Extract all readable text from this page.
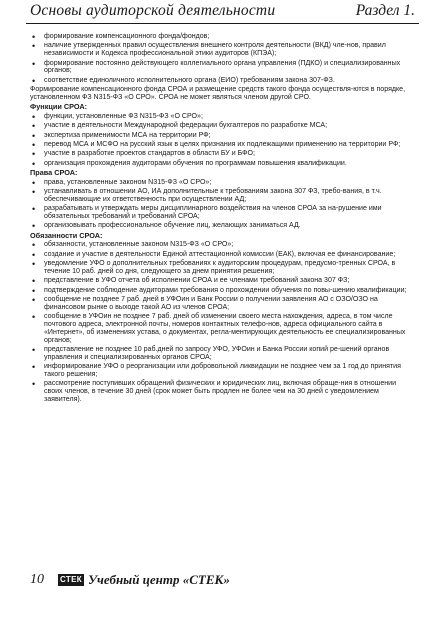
Основы аудиторской деятельности	Раздел 1.
• формирование компенсационного фонда/фондов;
• наличие утвержденных правил осуществления внешнего контроля деятельности (ВКД) чле-нов, правил независимости и Кодекса профессиональной этики аудиторов (КПЭА);
• формирование постоянно действующего коллегиального органа управления (ПДКО) и специализированных органов;
• соответствие единоличного исполнительного органа (ЕИО) требованиям закона 307-ФЗ.

Формирование компенсационного фонда СРОА и размещение средств такого фонда осуществля-ются в порядке, установленном ФЗ N315-ФЗ «О СРО». СРОА не может являться членом другой СРО.

Функции СРОА:
• функции, установленные ФЗ N315-ФЗ «О СРО»;
• участие в деятельности Международной федерации бухгалтеров по разработке МСА;
• экспертиза применимости МСА на территории РФ;
• перевод МСА и МСФО на русский язык в целях признания их подлежащими применению на территории РФ;
• участие в разработке проектов стандартов в области БУ и БФО;
• организация прохождения аудиторами обучения по программам повышения квалификации.
Права СРОА:
• права, установленные законом N315-ФЗ «О СРО»;
• устанавливать в отношении АО, ИА дополнительные к требованиям закона 307 ФЗ, требо-вания, в т.ч. обеспечивающие их ответственность при осуществлении АД;
• разрабатывать и утверждать меры дисциплинарного воздействия на членов СРОА за на-рушение ими обязательных требований и требований СРОА;
• организовывать профессиональное обучение лиц, желающих заниматься АД.
Обязанности СРОА:
• обязанности, установленные законом N315-ФЗ «О СРО»;
• создание и участие в деятельности Единой аттестационной комиссии (ЕАК), включая ее финансирование;
• уведомление УФО о дополнительных требованиях к аудиторским процедурам, предусмо-тренных СРОА, в течение 10 раб. дней со дня, следующего за днем принятия решения;
• представление в УФО отчета об исполнении СРОА и ее членами требований закона 307 ФЗ;
• подтверждение соблюдение аудиторами требования о прохождении обучения по повы-шению квалификации;
• сообщение не позднее 7 раб. дней в УФОин и Банк России о получении заявления АО с ОЗО/ОЗО на финансовом рынке о выходе такой АО из членов СРОА;
• сообщение в УФОин не позднее 7 раб. дней об изменении своего места нахождения, адреса, в том числе почтового адреса, электронной почты, номеров контактных телефо-нов, адреса официального сайта в «Интернет», об изменениях устава, о документах, регла-ментирующих деятельность ее специализированных органов;
• представление не позднее 10 раб.дней по запросу УФО, УФОин и Банка России копий ре-шений органов управления и специализированных органов СРОА;
• информирование УФО о реорганизации или добровольной ликвидации не позднее чем за 1 год до принятия такого решения;
• рассмотрение поступивших обращений физических и юридических лиц, включая обраще-ния в отношении своих членов, в течение 30 дней (срок может быть продлен не более чем на 30 дней с уведомлением заявителя).
10 СТЕК Учебный центр «СТЕК»
